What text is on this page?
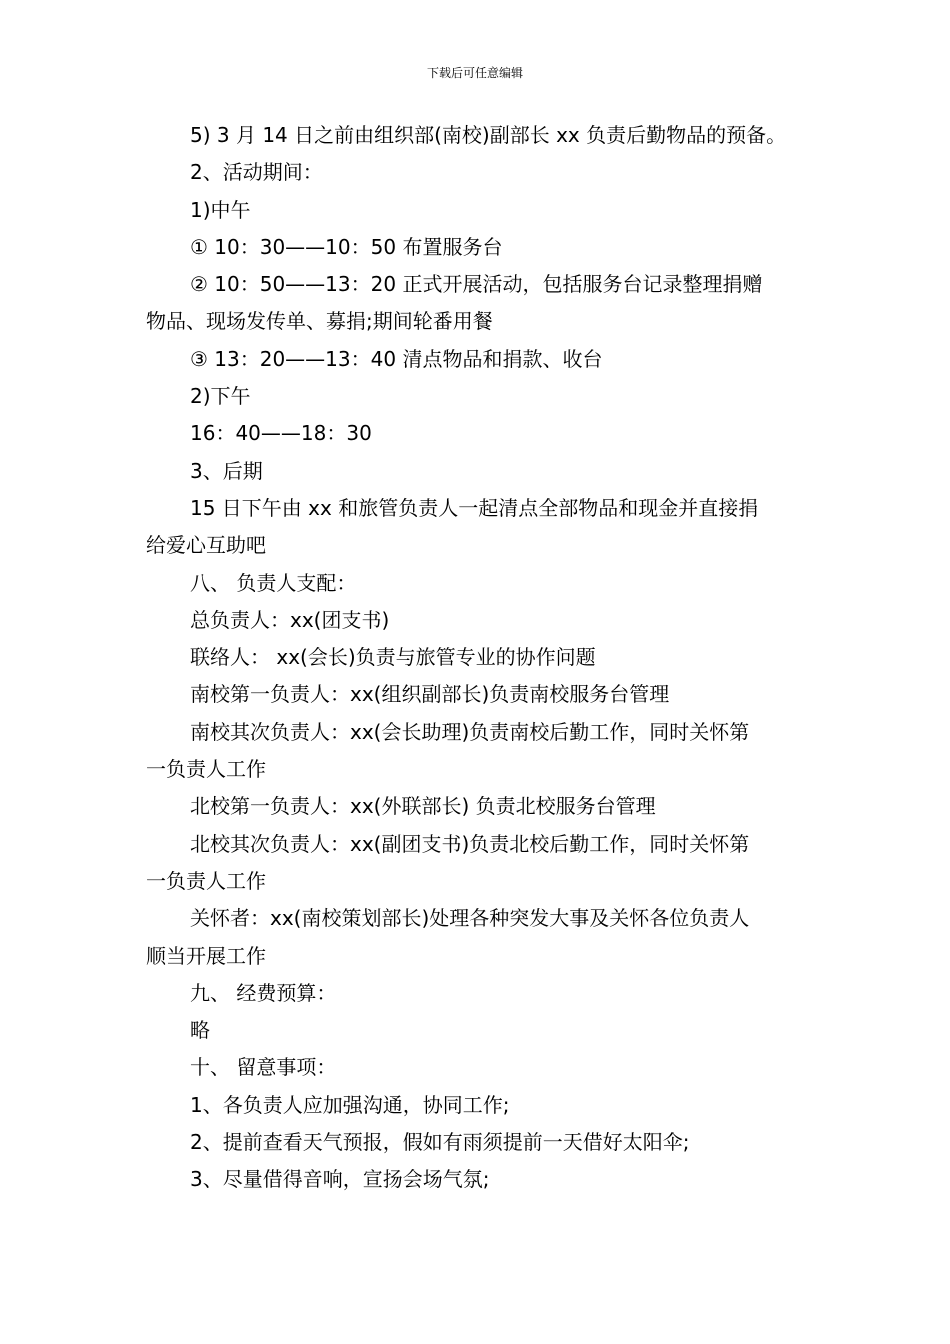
下载后可任意编辑
5) 3 月 14 日之前由组织部(南校)副部长 xx 负责后勤物品的预备。
2、活动期间：
1)中午
① 10：30——10：50 布置服务台
② 10：50——13：20 正式开展活动，包括服务台记录整理捐赠
物品、现场发传单、募捐;期间轮番用餐
③ 13：20——13：40 清点物品和捐款、收台
2)下午
16：40——18：30
3、后期
15 日下午由 xx 和旅管负责人一起清点全部物品和现金并直接捐
给爱心互助吧
八、 负责人支配：
总负责人：xx(团支书)
联络人： xx(会长)负责与旅管专业的协作问题
南校第一负责人：xx(组织副部长)负责南校服务台管理
南校其次负责人：xx(会长助理)负责南校后勤工作，同时关怀第
一负责人工作
北校第一负责人：xx(外联部长) 负责北校服务台管理
北校其次负责人：xx(副团支书)负责北校后勤工作，同时关怀第
一负责人工作
关怀者：xx(南校策划部长)处理各种突发大事及关怀各位负责人
顺当开展工作
九、 经费预算：
略
十、 留意事项：
1、各负责人应加强沟通，协同工作;
2、提前查看天气预报，假如有雨须提前一天借好太阳伞;
3、尽量借得音响，宣扬会场气氛;
